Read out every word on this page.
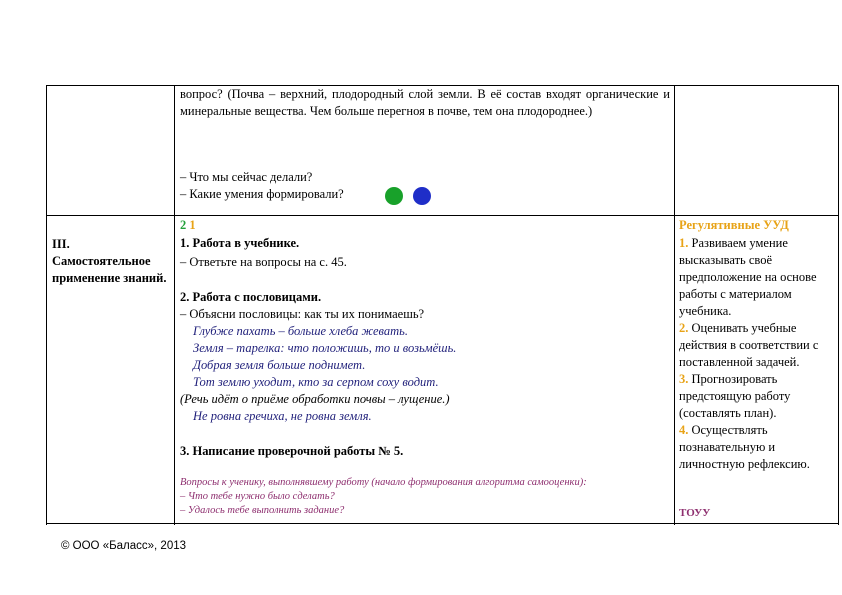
вопрос? (Почва – верхний, плодородный слой земли. В её состав входят органические и минеральные вещества. Чем больше перегноя в почве, тем она плодороднее.)
– Что мы сейчас делали?
– Какие умения формировали?
III.
Самостоятельное применение знаний.
2 1
1. Работа в учебнике.
– Ответьте на вопросы на с. 45.
2. Работа с пословицами.
– Объясни пословицы: как ты их понимаешь?
Глубже пахать – больше хлеба жевать.
Земля – тарелка: что положишь, то и возьмёшь.
Добрая земля больше поднимет.
Тот землю уходит, кто за серпом соху водит.
(Речь идёт о приёме обработки почвы – лущение.)
Не ровна гречиха, не ровна земля.
3. Написание проверочной работы № 5.
Вопросы к ученику, выполнявшему работу (начало формирования алгоритма самооценки):
– Что тебе нужно было сделать?
– Удалось тебе выполнить задание?
Регулятивные УУД
1. Развиваем умение высказывать своё предположение на основе работы с материалом учебника.
2. Оценивать учебные действия в соответствии с поставленной задачей.
3. Прогнозировать предстоящую работу (составлять план).
4. Осуществлять познавательную и личностную рефлексию.
ТОУУ
© ООО «Баласс», 2013
